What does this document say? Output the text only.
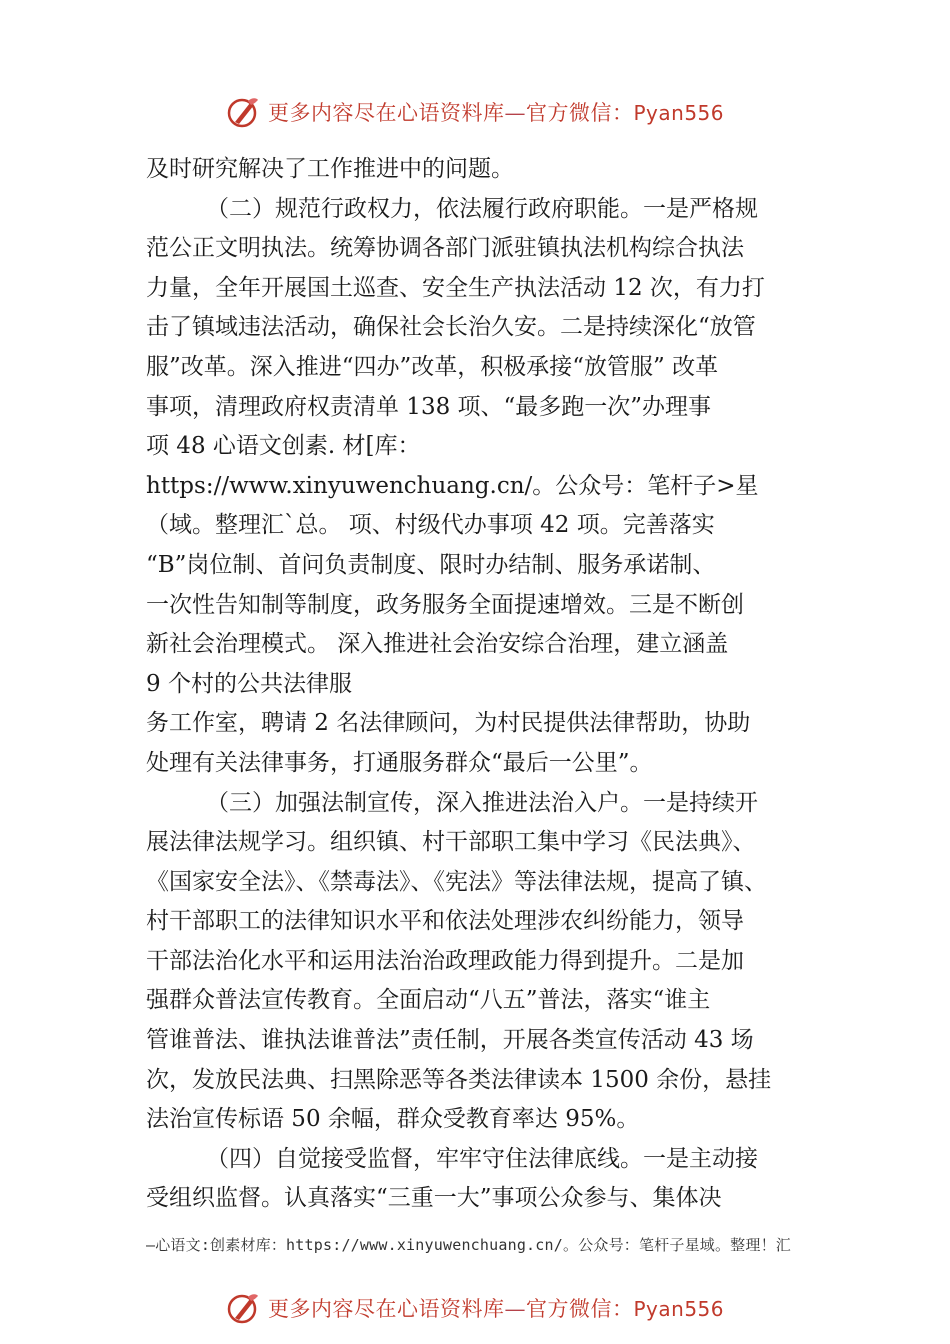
更多内容尽在心语资料库—官方微信：Pyan556

及时研究解决了工作推进中的问题。

（二）规范行政权力，依法履行政府职能。一是严格规

范公正文明执法。统筹协调各部门派驻镇执法机构综合执法

力量，全年开展国土巡查、安全生产执法活动 12 次，有力打

击了镇域违法活动，确保社会长治久安。二是持续深化“放管

服”改革。深入推进“四办”改革，积极承接“放管服” 改革

事项，清理政府权责清单 138 项、“最多跑一次”办理事

项 48 心语文创素. 材[库：

https://www.xinyuwenchuang.cn/。公众号：笔杆子>星

（域。整理汇`总。 项、村级代办事项 42 项。完善落实

“B”岗位制、首问负责制度、限时办结制、服务承诺制、

一次性告知制等制度，政务服务全面提速增效。三是不断创

新社会治理模式。 深入推进社会治安综合治理，建立涵盖

9 个村的公共法律服

务工作室，聘请 2 名法律顾问，为村民提供法律帮助，协助

处理有关法律事务，打通服务群众“最后一公里”。

（三）加强法制宣传，深入推进法治入户。一是持续开

展法律法规学习。组织镇、村干部职工集中学习《民法典》、

《国家安全法》、《禁毒法》、《宪法》等法律法规，提高了镇、

村干部职工的法律知识水平和依法处理涉农纠纷能力，领导

干部法治化水平和运用法治治政理政能力得到提升。二是加

强群众普法宣传教育。全面启动“八五”普法，落实“谁主

管谁普法、谁执法谁普法”责任制，开展各类宣传活动 43 场

次，发放民法典、扫黑除恶等各类法律读本 1500 余份，悬挂

法治宣传标语 50 余幅，群众受教育率达 95%。

（四）自觉接受监督，牢牢守住法律底线。一是主动接

受组织监督。认真落实“三重一大”事项公众参与、集体决

—心语文:创素材库：https://www.xinyuwenchuang.cn/。公众号：笔杆子星域。整理！汇
更多内容尽在心语资料库—官方微信：Pyan556
